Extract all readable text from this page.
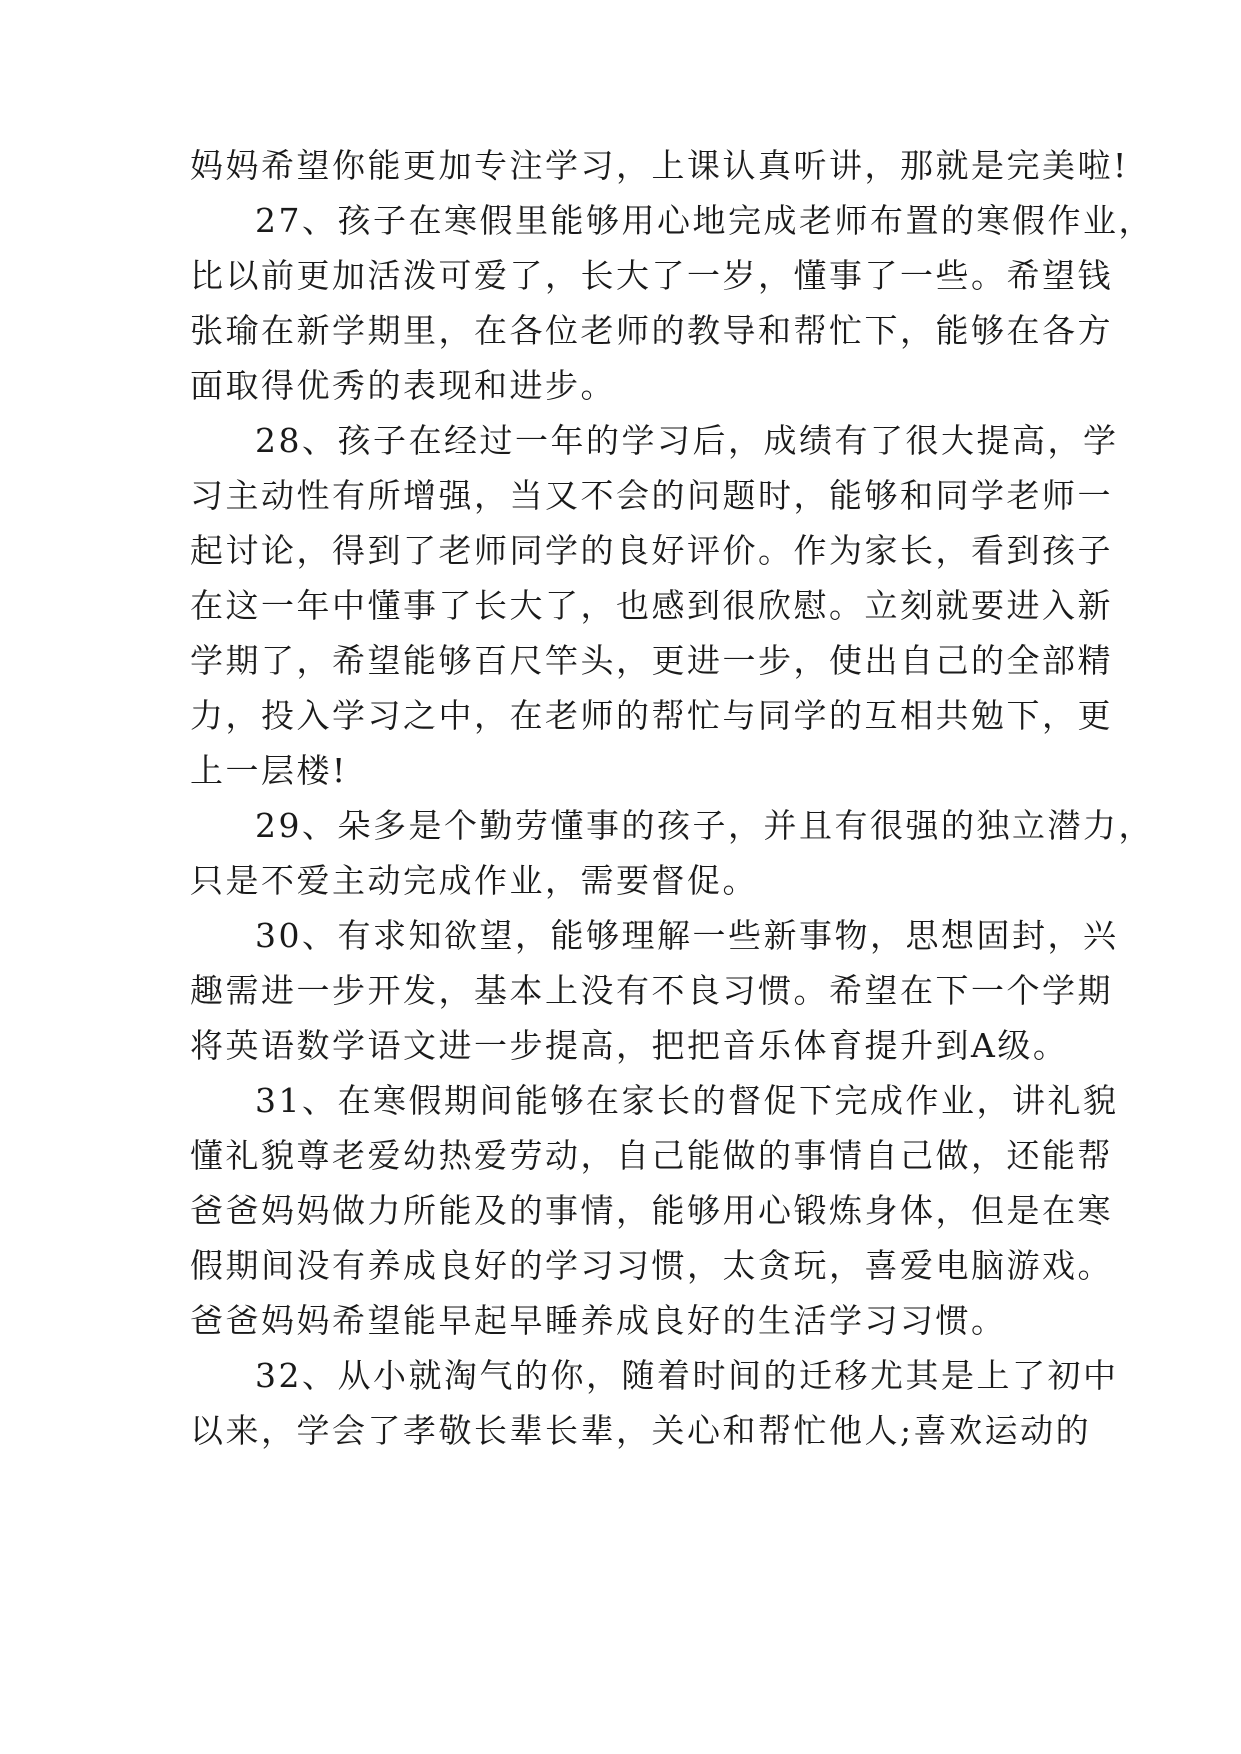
妈妈希望你能更加专注学习，上课认真听讲，那就是完美啦!
27、孩子在寒假里能够用心地完成老师布置的寒假作业，
比以前更加活泼可爱了，长大了一岁，懂事了一些。希望钱
张瑜在新学期里，在各位老师的教导和帮忙下，能够在各方
面取得优秀的表现和进步。
28、孩子在经过一年的学习后，成绩有了很大提高，学
习主动性有所增强，当又不会的问题时，能够和同学老师一
起讨论，得到了老师同学的良好评价。作为家长，看到孩子
在这一年中懂事了长大了，也感到很欣慰。立刻就要进入新
学期了，希望能够百尺竿头，更进一步，使出自己的全部精
力，投入学习之中，在老师的帮忙与同学的互相共勉下，更
上一层楼!
29、朵多是个勤劳懂事的孩子，并且有很强的独立潜力，
只是不爱主动完成作业，需要督促。
30、有求知欲望，能够理解一些新事物，思想固封，兴
趣需进一步开发，基本上没有不良习惯。希望在下一个学期
将英语数学语文进一步提高，把把音乐体育提升到A级。
31、在寒假期间能够在家长的督促下完成作业，讲礼貌
懂礼貌尊老爱幼热爱劳动，自己能做的事情自己做，还能帮
爸爸妈妈做力所能及的事情，能够用心锻炼身体，但是在寒
假期间没有养成良好的学习习惯，太贪玩，喜爱电脑游戏。
爸爸妈妈希望能早起早睡养成良好的生活学习习惯。
32、从小就淘气的你，随着时间的迁移尤其是上了初中
以来，学会了孝敬长辈长辈，关心和帮忙他人;喜欢运动的
